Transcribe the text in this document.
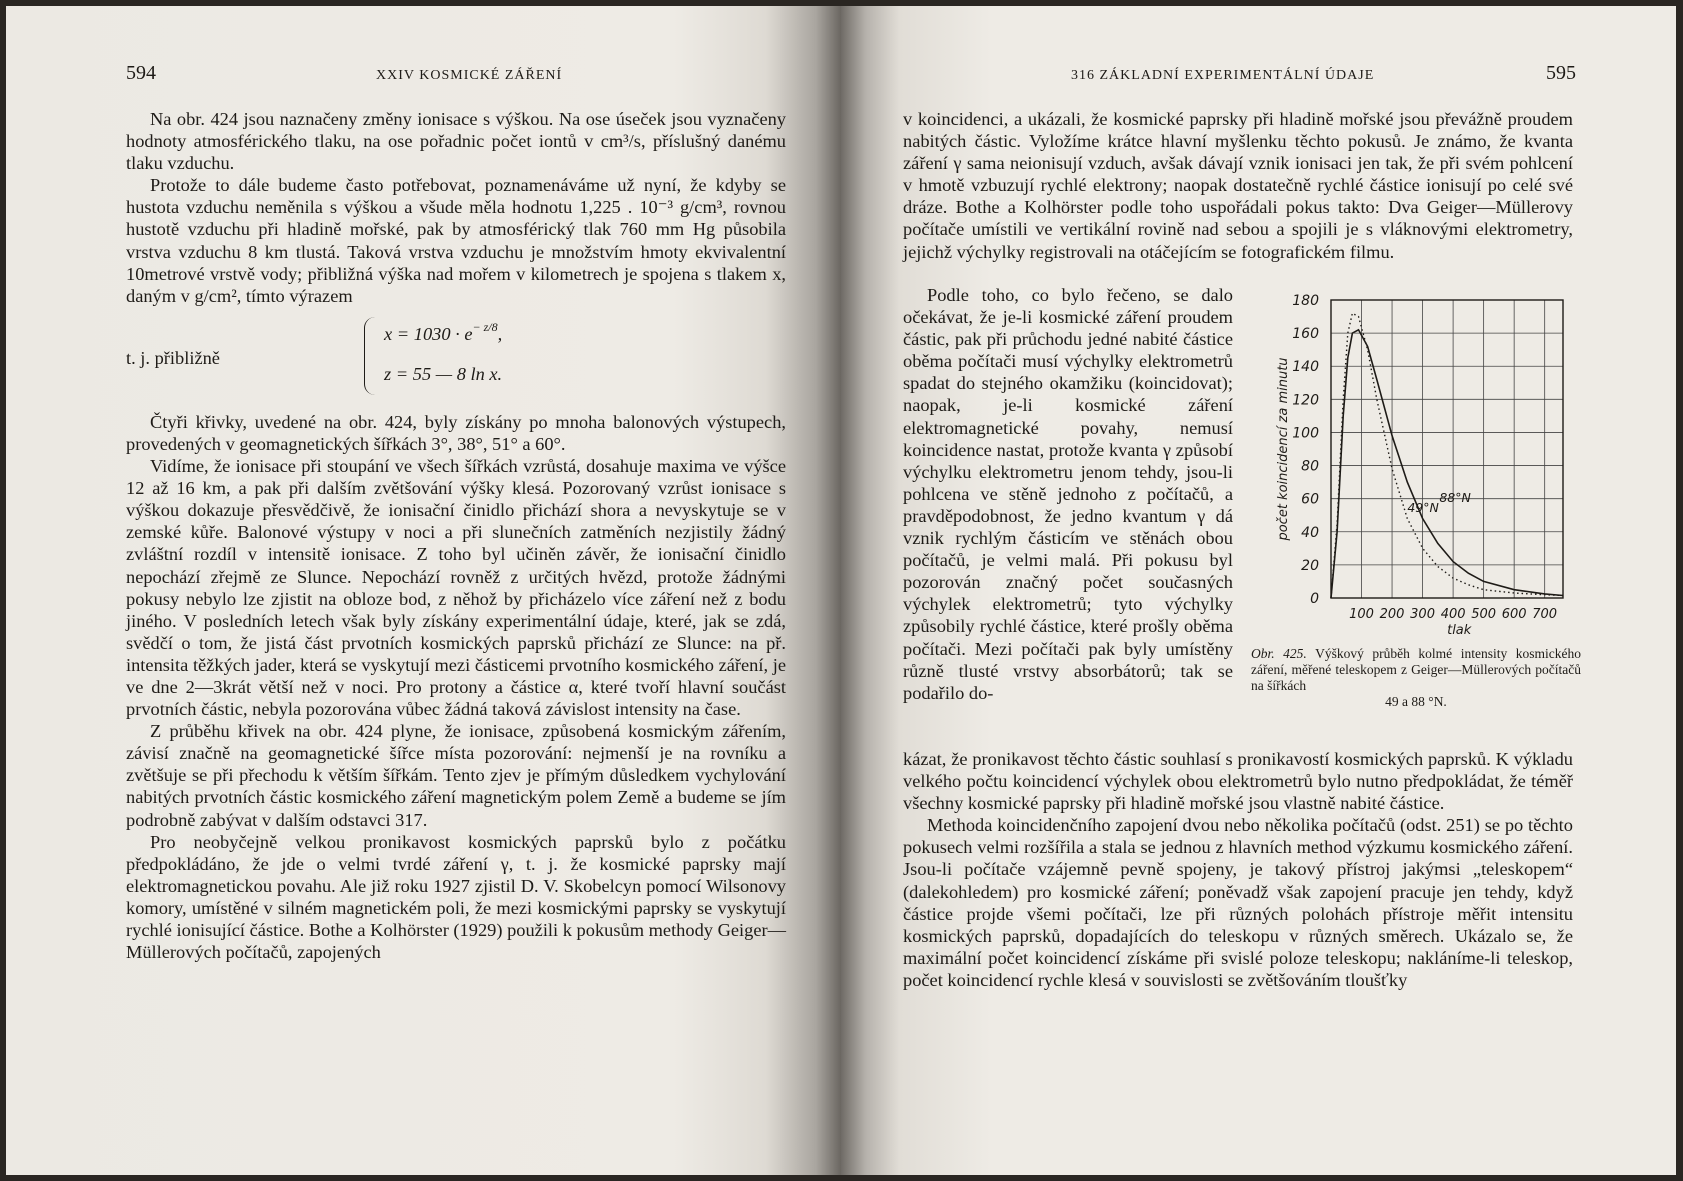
594	XXIV KOSMICKÉ ZÁŘENÍ

Na obr. 424 jsou naznačeny změny ionisace s výškou. Na ose úseček jsou vyznačeny hodnoty atmosférického tlaku, na ose pořadnic počet iontů v cm³/s, příslušný danému tlaku vzduchu.

Protože to dále budeme často potřebovat, poznamenáváme už nyní, že kdyby se hustota vzduchu neměnila s výškou a všude měla hodnotu 1,225 . 10⁻³ g/cm³, rovnou hustotě vzduchu při hladině mořské, pak by atmosférický tlak 760 mm Hg působila vrstva vzduchu 8 km tlustá. Taková vrstva vzduchu je množstvím hmoty ekvivalentní 10metrové vrstvě vody; přibližná výška nad mořem v kilometrech je spojena s tlakem x, daným v g/cm², tímto výrazem

t. j. přibližně
$x = 1030 \cdot e^{- z/8}$,
z = 55 — 8 ln x.

Čtyři křivky, uvedené na obr. 424, byly získány po mnoha balonových výstupech, provedených v geomagnetických šířkách 3°, 38°, 51° a 60°.

Vidíme, že ionisace při stoupání ve všech šířkách vzrůstá, dosahuje maxima ve výšce 12 až 16 km, a pak při dalším zvětšování výšky klesá. Pozorovaný vzrůst ionisace s výškou dokazuje přesvědčivě, že ionisační činidlo přichází shora a nevyskytuje se v zemské kůře. Balonové výstupy v noci a při slunečních zatměních nezjistily žádný zvláštní rozdíl v intensitě ionisace. Z toho byl učiněn závěr, že ionisační činidlo nepochází zřejmě ze Slunce. Nepochází rovněž z určitých hvězd, protože žádnými pokusy nebylo lze zjistit na obloze bod, z něhož by přicházelo více záření než z bodu jiného. V posledních letech však byly získány experimentální údaje, které, jak se zdá, svědčí o tom, že jistá část prvotních kosmických paprsků přichází ze Slunce: na př. intensita těžkých jader, která se vyskytují mezi částicemi prvotního kosmického záření, je ve dne 2—3krát větší než v noci. Pro protony a částice α, které tvoří hlavní součást prvotních částic, nebyla pozorována vůbec žádná taková závislost intensity na čase.

Z průběhu křivek na obr. 424 plyne, že ionisace, způsobená kosmickým zářením, závisí značně na geomagnetické šířce místa pozorování: nejmenší je na rovníku a zvětšuje se při přechodu k větším šířkám. Tento zjev je přímým důsledkem vychylování nabitých prvotních částic kosmického záření magnetickým polem Země a budeme se jím podrobně zabývat v dalším odstavci 317.

Pro neobyčejně velkou pronikavost kosmických paprsků bylo z počátku předpokládáno, že jde o velmi tvrdé záření γ, t. j. že kosmické paprsky mají elektromagnetickou povahu. Ale již roku 1927 zjistil D. V. Skobelcyn pomocí Wilsonovy komory, umístěné v silném magnetickém poli, že mezi kosmickými paprsky se vyskytují rychlé ionisující částice. Bothe a Kolhörster (1929) použili k pokusům methody Geiger—Müllerových počítačů, zapojených

316 ZÁKLADNÍ EXPERIMENTÁLNÍ ÚDAJE	595

v koincidenci, a ukázali, že kosmické paprsky při hladině mořské jsou převážně proudem nabitých částic. Vyložíme krátce hlavní myšlenku těchto pokusů. Je známo, že kvanta záření γ sama neionisují vzduch, avšak dávají vznik ionisaci jen tak, že při svém pohlcení v hmotě vzbuzují rychlé elektrony; naopak dostatečně rychlé částice ionisují po celé své dráze. Bothe a Kolhörster podle toho uspořádali pokus takto: Dva Geiger—Müllerovy počítače umístili ve vertikální rovině nad sebou a spojili je s vláknovými elektrometry, jejichž výchylky registrovali na otáčejícím se fotografickém filmu.

Podle toho, co bylo řečeno, se dalo očekávat, že je-li kosmické záření proudem částic, pak při průchodu jedné nabité částice oběma počítači musí výchylky elektrometrů spadat do stejného okamžiku (koincidovat); naopak, je-li kosmické záření elektromagnetické povahy, nemusí koincidence nastat, protože kvanta γ způsobí výchylku elektrometru jenom tehdy, jsou-li pohlcena ve stěně jednoho z počítačů, a pravděpodobnost, že jedno kvantum γ dá vznik rychlým částicím ve stěnách obou počítačů, je velmi malá. Při pokusu byl pozorován značný počet současných výchylek elektrometrů; tyto výchylky způsobily rychlé částice, které prošly oběma počítači. Mezi počítači pak byly umístěny různě tlusté vrstvy absorbátorů; tak se podařilo do-

0
20
40
60
80
100
120
140
160
180
100 200 300 400 500 600 700
tlak
počet koincidencí za minutu	49°N
88°N
Obr. 425. Výškový průběh kolmé intensity kosmického záření, měřené teleskopem z Geiger—Müllerových počítačů na šířkách
49 a 88 °N.

kázat, že pronikavost těchto částic souhlasí s pronikavostí kosmických paprsků. K výkladu velkého počtu koincidencí výchylek obou elektrometrů bylo nutno předpokládat, že téměř všechny kosmické paprsky při hladině mořské jsou vlastně nabité částice.

Methoda koincidenčního zapojení dvou nebo několika počítačů (odst. 251) se po těchto pokusech velmi rozšířila a stala se jednou z hlavních method výzkumu kosmického záření. Jsou-li počítače vzájemně pevně spojeny, je takový přístroj jakýmsi „teleskopem“ (dalekohledem) pro kosmické záření; poněvadž však zapojení pracuje jen tehdy, když částice projde všemi počítači, lze při různých polohách přístroje měřit intensitu kosmických paprsků, dopadajících do teleskopu v různých směrech. Ukázalo se, že maximální počet koincidencí získáme při svislé poloze teleskopu; nakláníme-li teleskop, počet koincidencí rychle klesá v souvislosti se zvětšováním tloušťky
